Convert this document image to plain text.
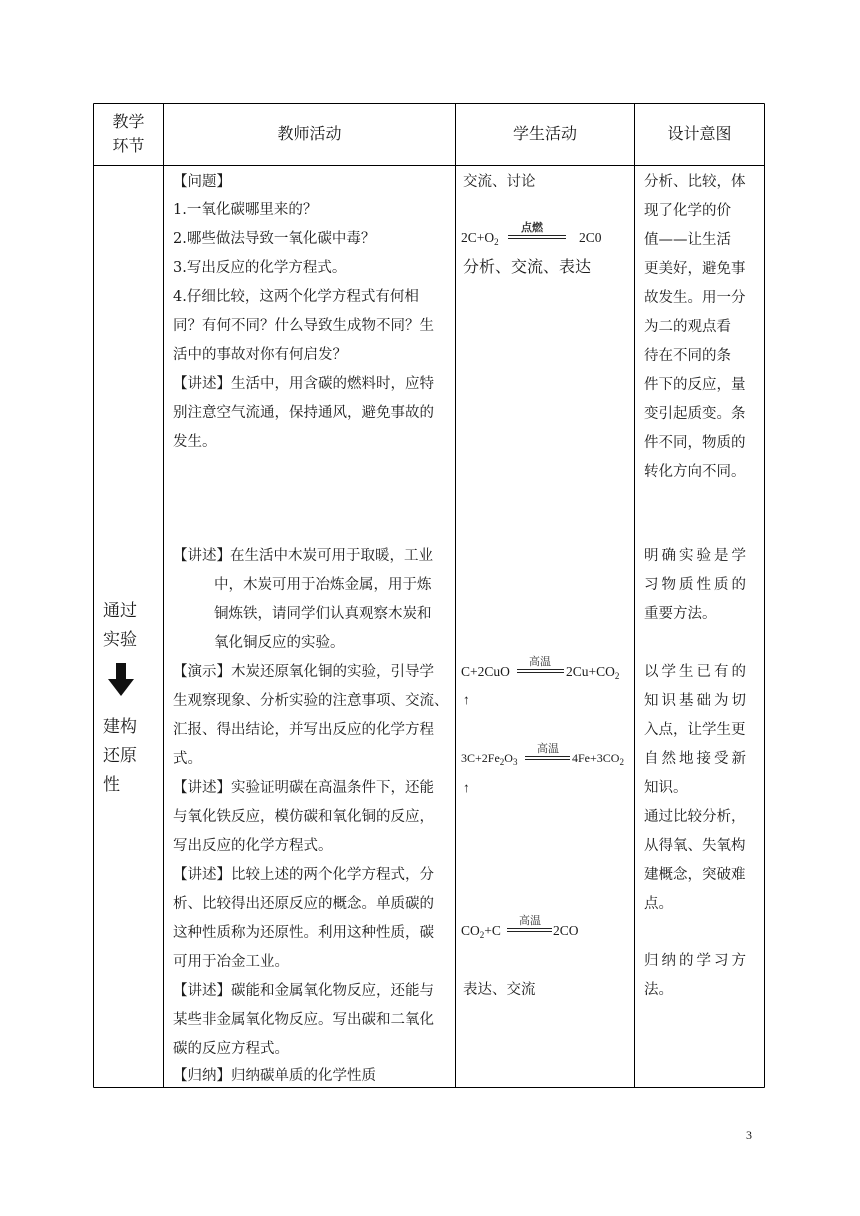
教学
环节
教师活动	学生活动	设计意图
通过
实验
建构
还原
性
【问题】
1.一氧化碳哪里来的？
2.哪些做法导致一氧化碳中毒？
3.写出反应的化学方程式。
4.仔细比较，这两个化学方程式有何相
同？有何不同？什么导致生成物不同？生
活中的事故对你有何启发？
【讲述】生活中，用含碳的燃料时，应特
别注意空气流通，保持通风，避免事故的
发生。
【讲述】 在生活中木炭可用于取暖，工业
中，木炭可用于冶炼金属，用于炼
铜炼铁，请同学们认真观察木炭和
氧化铜反应的实验。
【演示】木炭还原氧化铜的实验，引导学
生观察现象、分析实验的注意事项、交流、
汇报、得出结论，并写出反应的化学方程
式。
【讲述】实验证明碳在高温条件下，还能
与氧化铁反应，模仿碳和氧化铜的反应，
写出反应的化学方程式。
【讲述】比较上述的两个化学方程式，分
析、比较得出还原反应的概念。单质碳的
这种性质称为还原性。利用这种性质，碳
可用于冶金工业。
【讲述】碳能和金属氧化物反应，还能与
某些非金属氧化物反应。写出碳和二氧化
碳的反应方程式。
【归纳】归纳碳单质的化学性质
交流、讨论
$2C+O_2$
点燃
2C0
分析、交流、表达
C+2CuO
高温
$2Cu+CO_2$
↑
$3C+2Fe_2O_3$
高温
$4Fe+3CO_2$
↑
$CO_2+C$
高温
2CO
表达、交流
分析、比较，体
现了化学的价
值——让生活
更美好，避免事
故发生。用一分
为二的观点看
待在不同的条
件下的反应，量
变引起质变。条
件不同，物质的
转化方向不同。
明确实验是学
习物质性质的
重要方法。
以学生已有的
知识基础为切
入点，让学生更
自然地接受新
知识。
通过比较分析，
从得氧、失氧构
建概念，突破难
点。
归纳的学习方
法。
3
